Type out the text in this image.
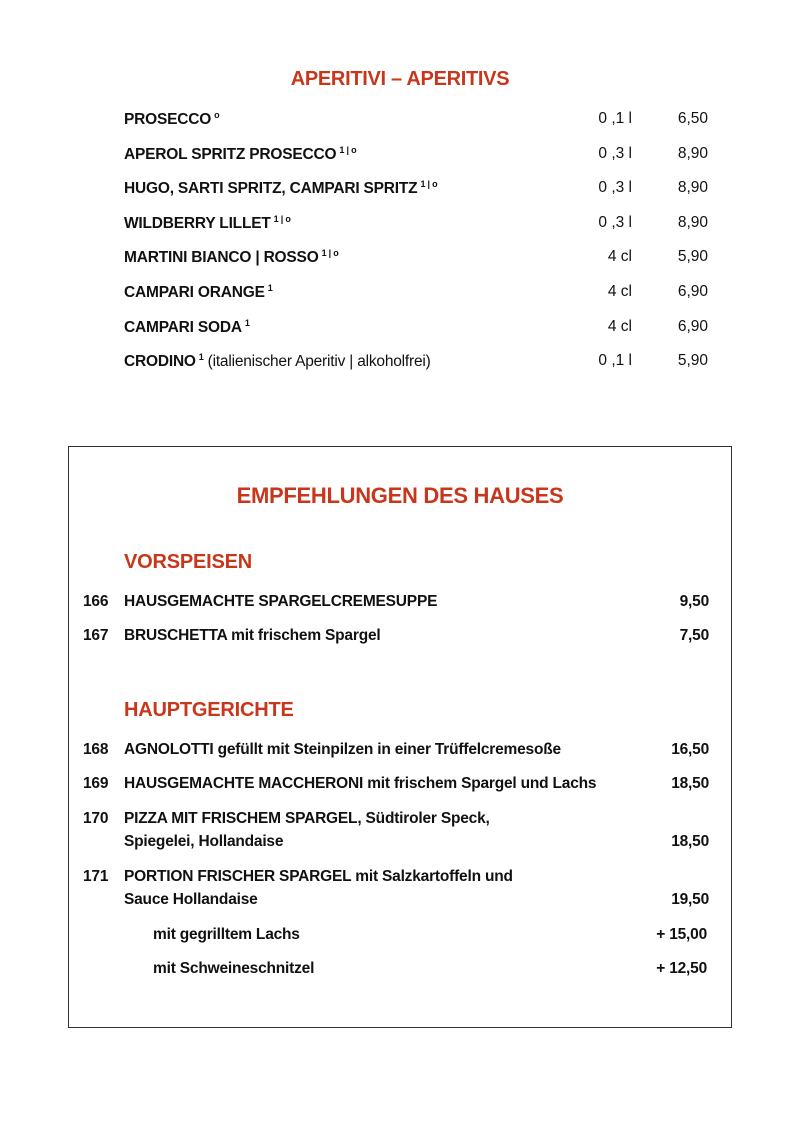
APERITIVI – APERITIVS
PROSECCO $^o$	0 ,1 l	6,50
APEROL SPRITZ PROSECCO $^{1 | o}$	0 ,3 l	8,90
HUGO, SARTI SPRITZ, CAMPARI SPRITZ $^{1 | o}$	0 ,3 l	8,90
WILDBERRY LILLET $^{1 | o}$	0 ,3 l	8,90
MARTINI BIANCO | ROSSO $^{1 | o}$	4 cl	5,90
CAMPARI ORANGE $^1$	4 cl	6,90
CAMPARI SODA $^1$	4 cl	6,90
CRODINO $^1$ (italienischer Aperitiv | alkoholfrei)	0 ,1 l	5,90
EMPFEHLUNGEN DES HAUSES
VORSPEISEN
166 HAUSGEMACHTE SPARGELCREMESUPPE	9,50
167 BRUSCHETTA mit frischem Spargel	7,50
HAUPTGERICHTE
168 AGNOLOTTI gefüllt mit Steinpilzen in einer Trüffelcremesoße	16,50
169 HAUSGEMACHTE MACCHERONI mit frischem Spargel und Lachs	18,50
170 PIZZA MIT FRISCHEM SPARGEL, Südtiroler Speck,
Spiegelei, Hollandaise	18,50
171 PORTION FRISCHER SPARGEL mit Salzkartoffeln und
Sauce Hollandaise	19,50
mit gegrilltem Lachs	+ 15,00
mit Schweineschnitzel	+ 12,50
